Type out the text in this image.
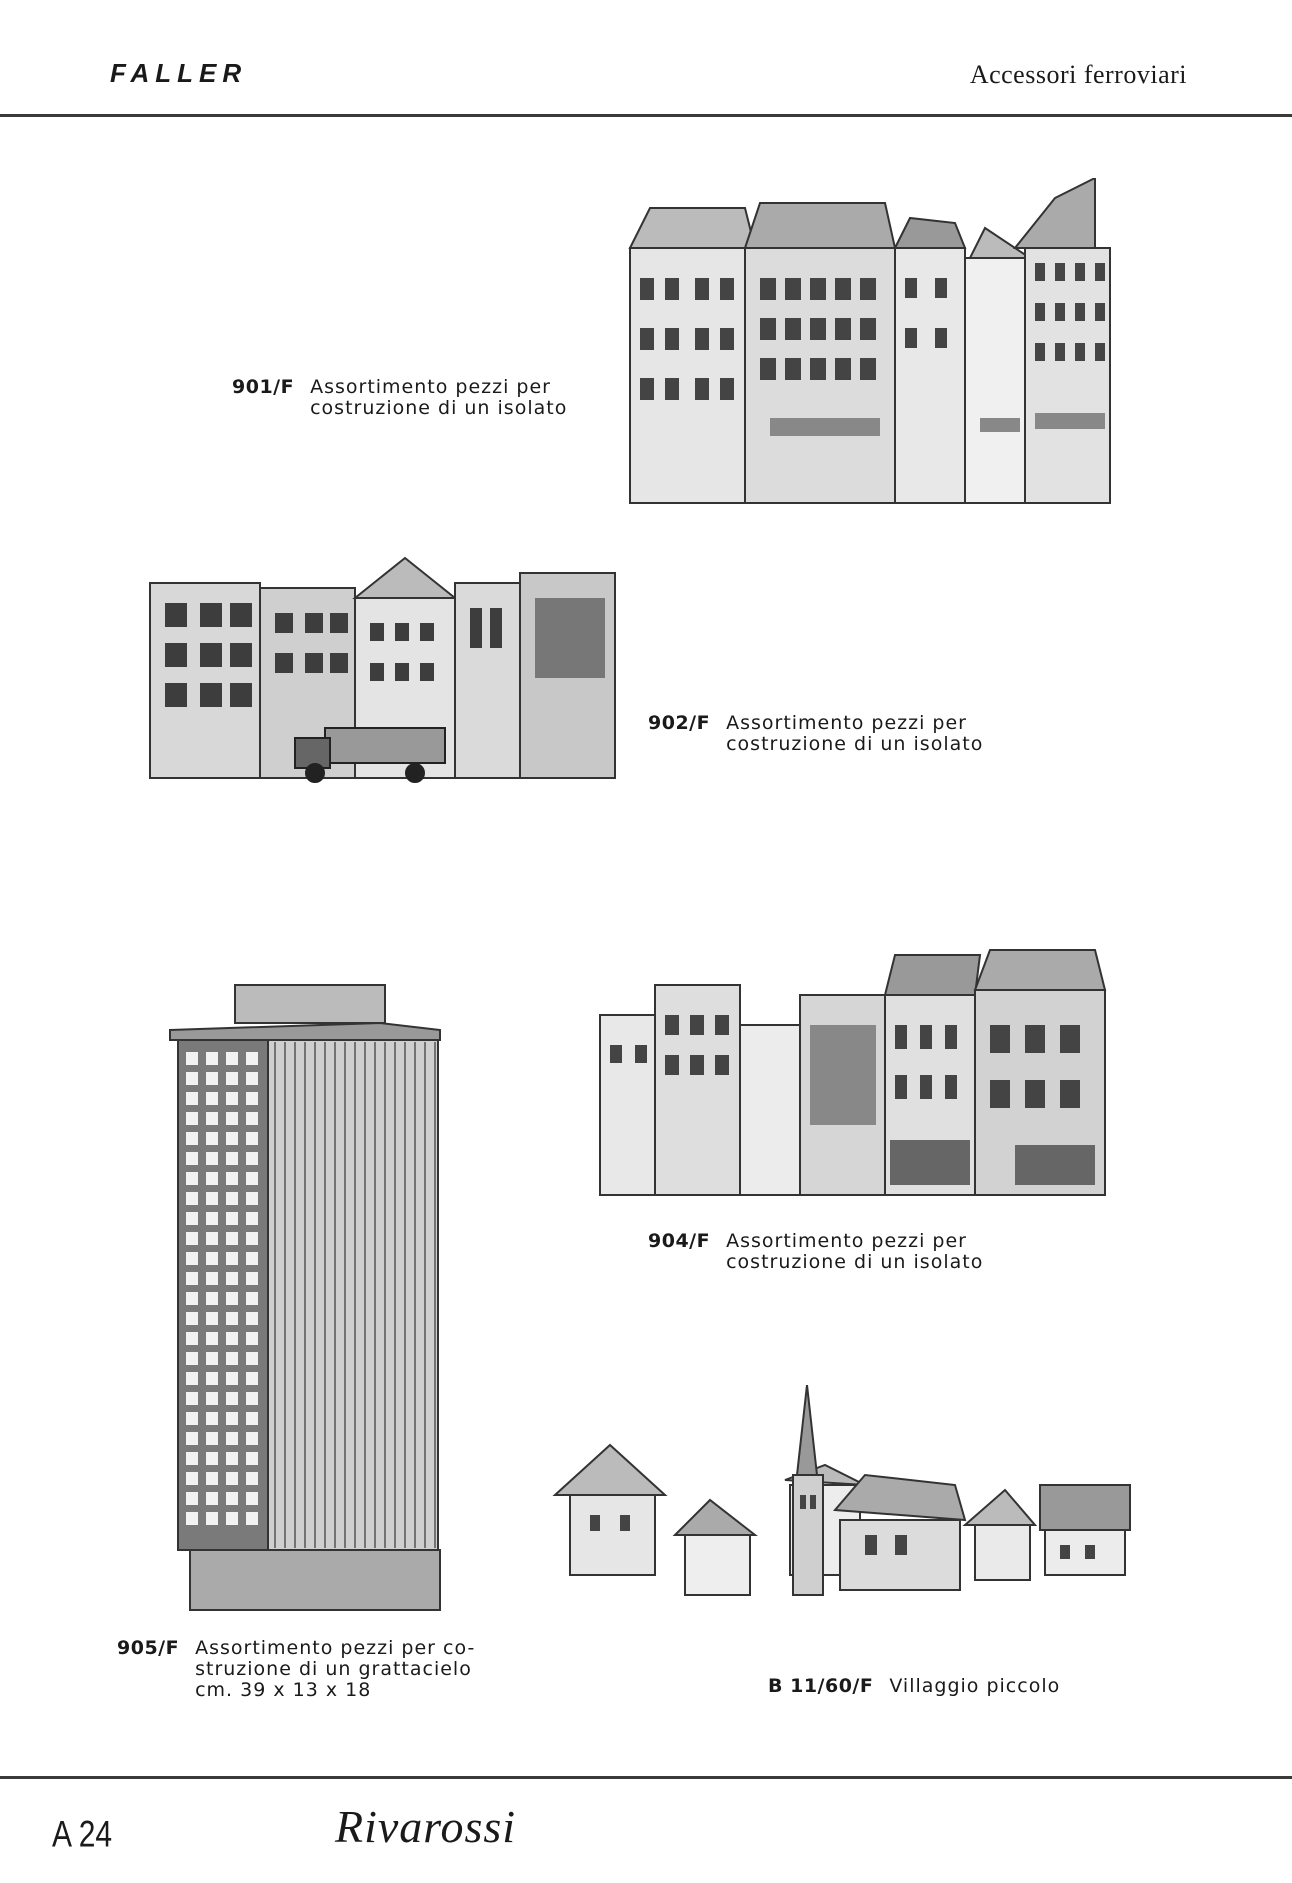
FALLER	Accessori ferroviari
901/F Assortimento pezzi per
costruzione di un isolato
902/F Assortimento pezzi per
costruzione di un isolato
904/F Assortimento pezzi per
costruzione di un isolato
905/F Assortimento pezzi per co-
struzione di un grattacielo
cm. 39 x 13 x 18	B 11/60/F Villaggio piccolo
A 24	Rivarossi
